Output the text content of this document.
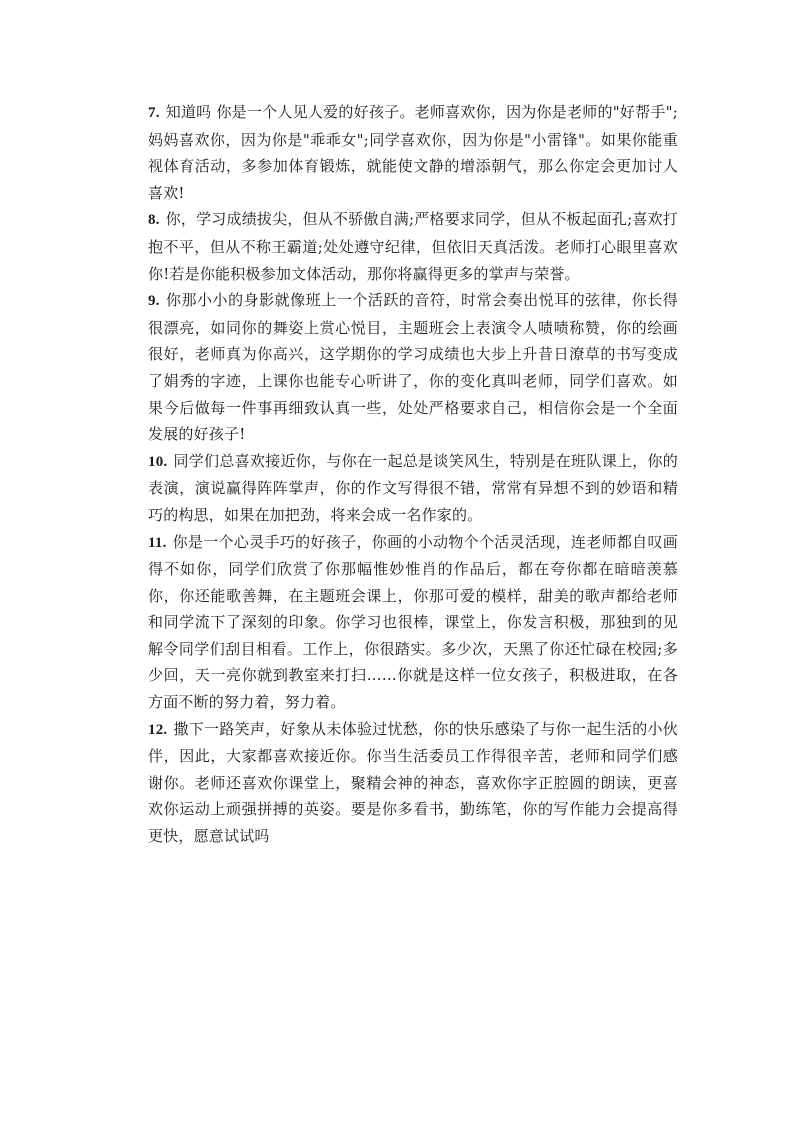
7. 知道吗 你是一个人见人爱的好孩子。老师喜欢你，因为你是老师的"好帮手";妈妈喜欢你，因为你是"乖乖女";同学喜欢你，因为你是"小雷锋"。如果你能重视体育活动，多参加体育锻炼，就能使文静的增添朝气，那么你定会更加讨人喜欢!

8. 你，学习成绩拔尖，但从不骄傲自满;严格要求同学，但从不板起面孔;喜欢打抱不平，但从不称王霸道;处处遵守纪律，但依旧天真活泼。老师打心眼里喜欢你!若是你能积极参加文体活动，那你将赢得更多的掌声与荣誉。

9. 你那小小的身影就像班上一个活跃的音符，时常会奏出悦耳的弦律，你长得很漂亮，如同你的舞姿上赏心悦目，主题班会上表演令人啧啧称赞，你的绘画很好，老师真为你高兴，这学期你的学习成绩也大步上升昔日潦草的书写变成了娟秀的字迹，上课你也能专心听讲了，你的变化真叫老师，同学们喜欢。如果今后做每一件事再细致认真一些，处处严格要求自己，相信你会是一个全面发展的好孩子!

10. 同学们总喜欢接近你，与你在一起总是谈笑风生，特别是在班队课上，你的表演，演说赢得阵阵掌声，你的作文写得很不错，常常有异想不到的妙语和精巧的构思，如果在加把劲，将来会成一名作家的。

11. 你是一个心灵手巧的好孩子，你画的小动物个个活灵活现，连老师都自叹画得不如你，同学们欣赏了你那幅惟妙惟肖的作品后，都在夸你都在暗暗羡慕你，你还能歌善舞，在主题班会课上，你那可爱的模样，甜美的歌声都给老师和同学流下了深刻的印象。你学习也很棒，课堂上，你发言积极，那独到的见解令同学们刮目相看。工作上，你很踏实。多少次，天黑了你还忙碌在校园;多少回，天一亮你就到教室来打扫……你就是这样一位女孩子，积极进取，在各方面不断的努力着，努力着。

12. 撒下一路笑声，好象从未体验过忧愁，你的快乐感染了与你一起生活的小伙伴，因此，大家都喜欢接近你。你当生活委员工作得很辛苦，老师和同学们感谢你。老师还喜欢你课堂上，聚精会神的神态，喜欢你字正腔圆的朗读，更喜欢你运动上顽强拼搏的英姿。要是你多看书，勤练笔，你的写作能力会提高得更快，愿意试试吗
